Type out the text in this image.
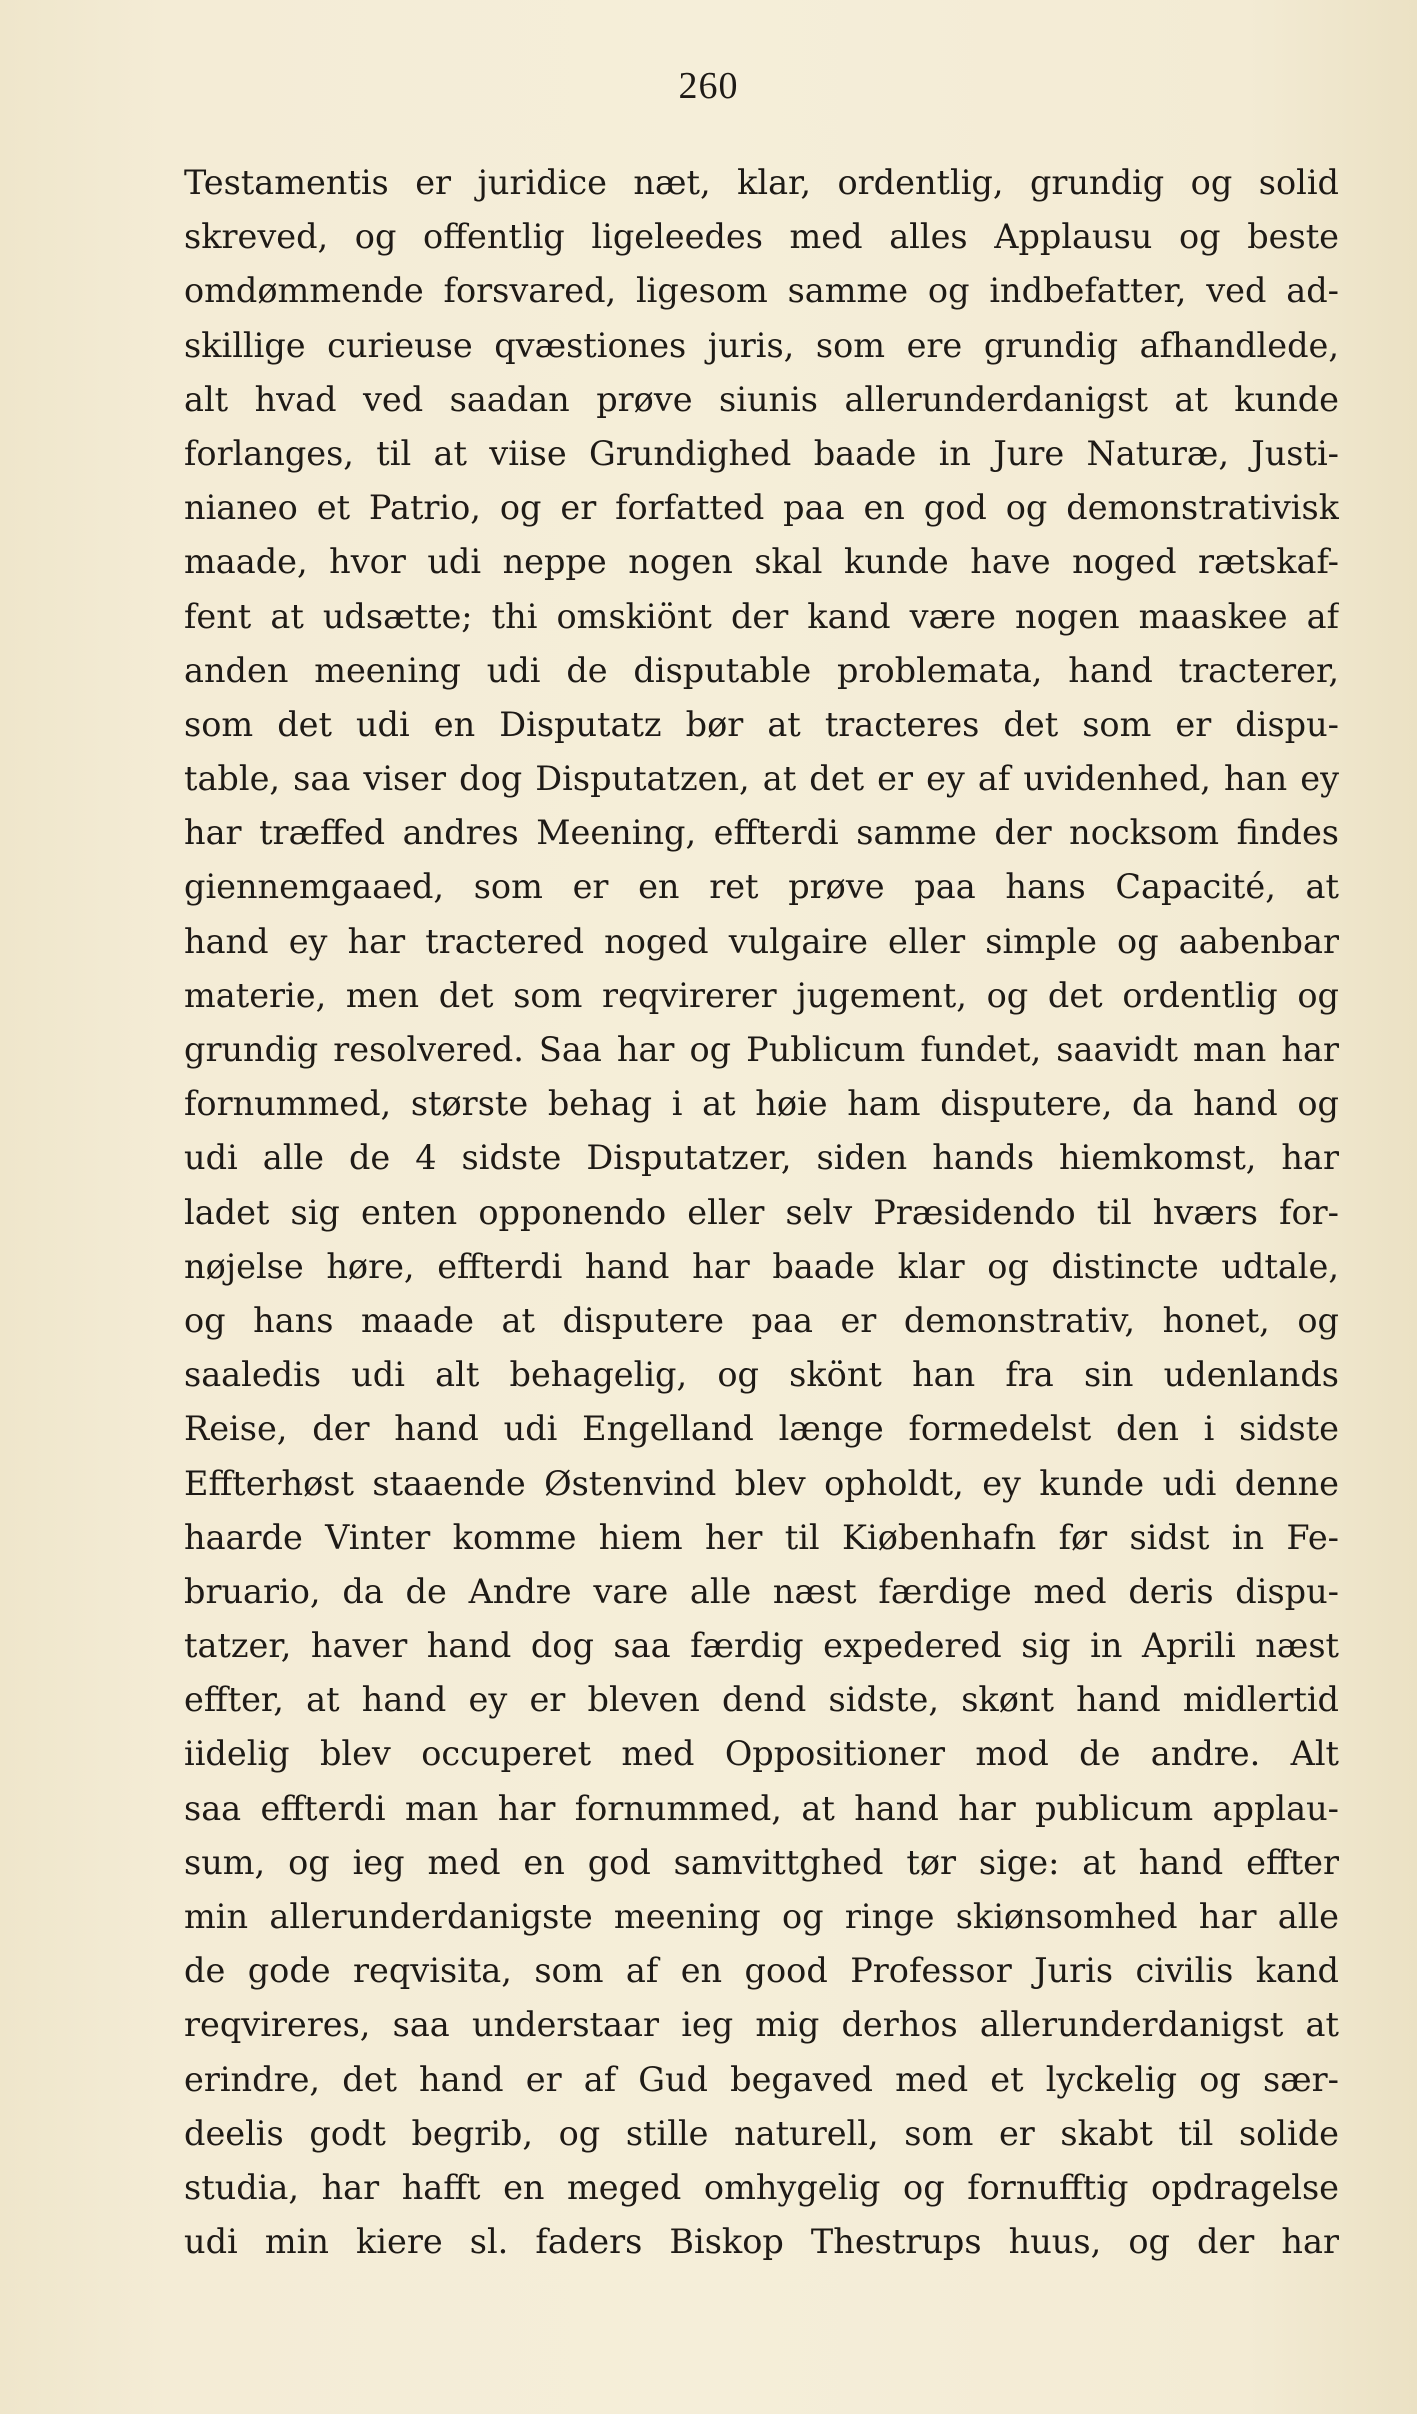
260
Testamentis er juridice næt, klar, ordentlig, grundig og solid
skreved, og offentlig ligeleedes med alles Applausu og beste
omdømmende forsvared, ligesom samme og indbefatter, ved ad-
skillige curieuse qvæstiones juris, som ere grundig afhandlede,
alt hvad ved saadan prøve siunis allerunderdanigst at kunde
forlanges, til at viise Grundighed baade in Jure Naturæ, Justi-
nianeo et Patrio, og er forfatted paa en god og demonstrativisk
maade, hvor udi neppe nogen skal kunde have noged rætskaf-
fent at udsætte; thi omskiönt der kand være nogen maaskee af
anden meening udi de disputable problemata, hand tracterer,
som det udi en Disputatz bør at tracteres det som er dispu-
table, saa viser dog Disputatzen, at det er ey af uvidenhed, han ey
har træffed andres Meening, effterdi samme der nocksom findes
giennemgaaed, som er en ret prøve paa hans Capacité, at
hand ey har tractered noged vulgaire eller simple og aabenbar
materie, men det som reqvirerer jugement, og det ordentlig og
grundig resolvered. Saa har og Publicum fundet, saavidt man har
fornummed, største behag i at høie ham disputere, da hand og
udi alle de 4 sidste Disputatzer, siden hands hiemkomst, har
ladet sig enten opponendo eller selv Præsidendo til hværs for-
nøjelse høre, effterdi hand har baade klar og distincte udtale,
og hans maade at disputere paa er demonstrativ, honet, og
saaledis udi alt behagelig, og skönt han fra sin udenlands
Reise, der hand udi Engelland længe formedelst den i sidste
Effterhøst staaende Østenvind blev opholdt, ey kunde udi denne
haarde Vinter komme hiem her til Kiøbenhafn før sidst in Fe-
bruario, da de Andre vare alle næst færdige med deris dispu-
tatzer, haver hand dog saa færdig expedered sig in Aprili næst
effter, at hand ey er bleven dend sidste, skønt hand midlertid
iidelig blev occuperet med Oppositioner mod de andre. Alt
saa effterdi man har fornummed, at hand har publicum applau-
sum, og ieg med en god samvittghed tør sige: at hand effter
min allerunderdanigste meening og ringe skiønsomhed har alle
de gode reqvisita, som af en good Professor Juris civilis kand
reqvireres, saa understaar ieg mig derhos allerunderdanigst at
erindre, det hand er af Gud begaved med et lyckelig og sær-
deelis godt begrib, og stille naturell, som er skabt til solide
studia, har hafft en meged omhygelig og fornufftig opdragelse
udi min kiere sl. faders Biskop Thestrups huus, og der har
